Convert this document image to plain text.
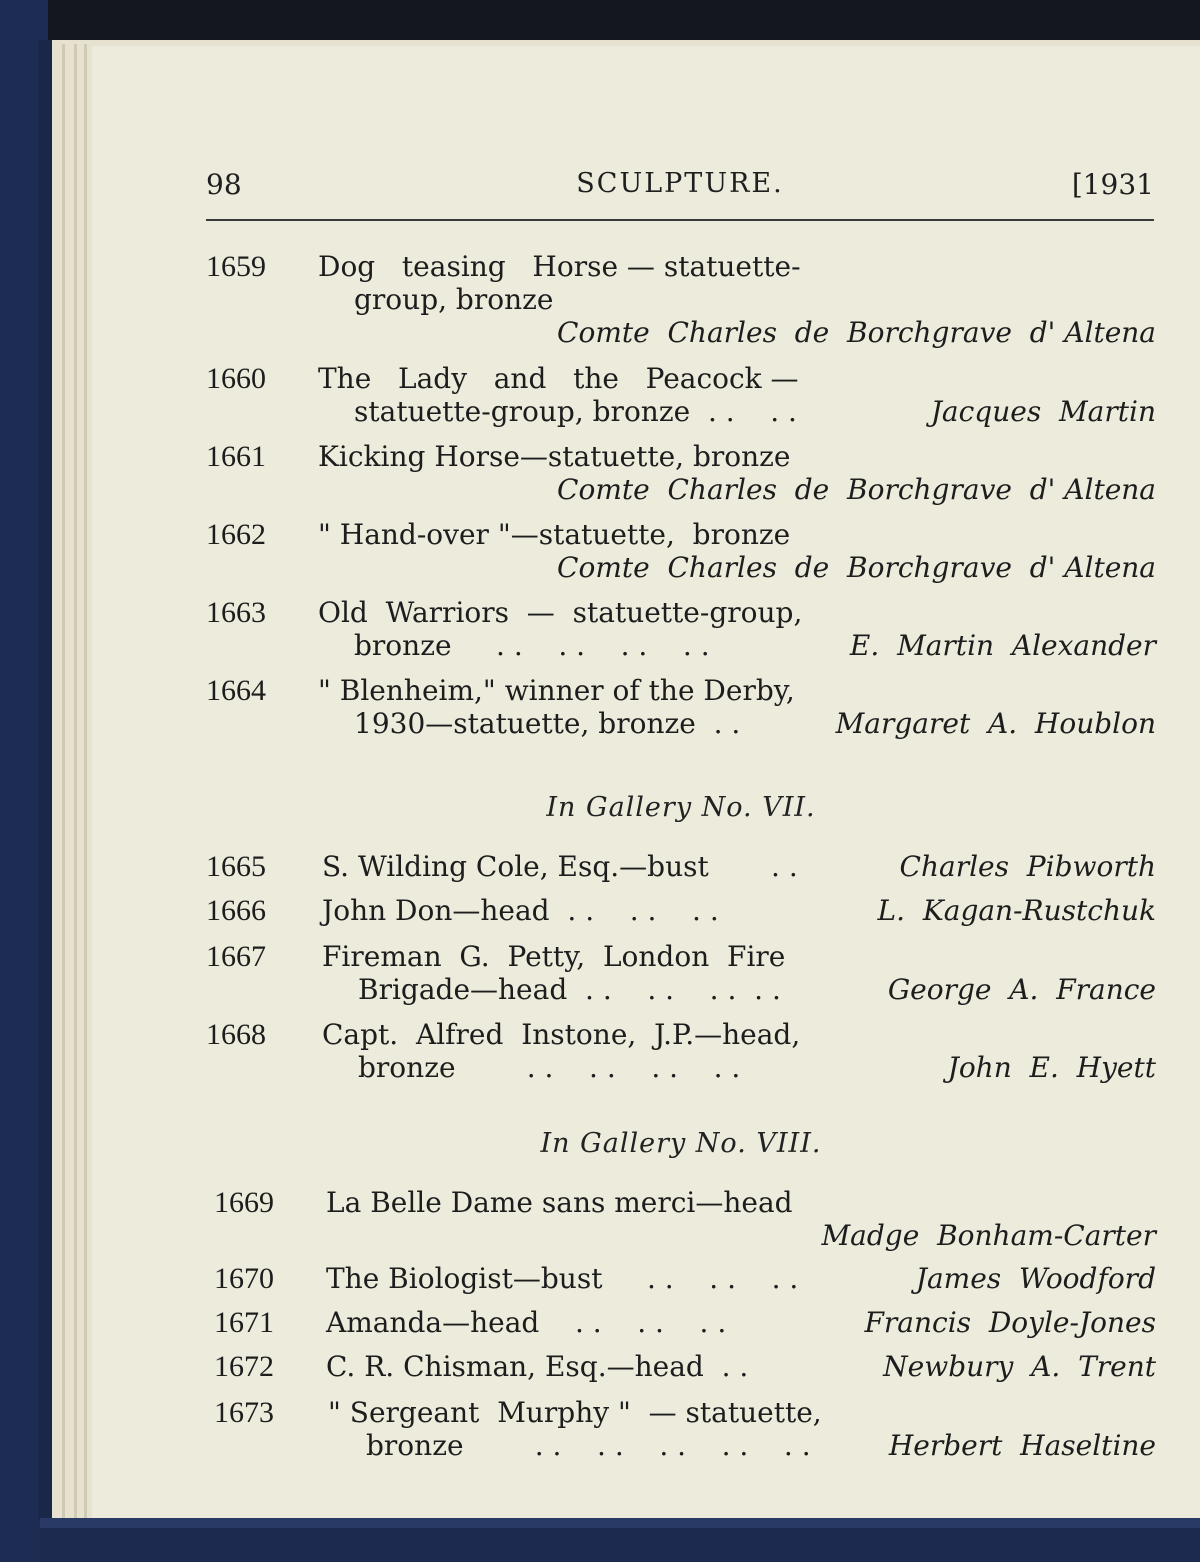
98	SCULPTURE.	[1931
1659 Dog   teasing   Horse — statuette-
group, bronze
Comte  Charles  de  Borchgrave  d' Altena
1660 The   Lady   and   the   Peacock —
statuette-group, bronze  . .    . .	Jacques  Martin
1661 Kicking Horse—statuette, bronze
Comte  Charles  de  Borchgrave  d' Altena
1662 " Hand-over "—statuette,  bronze
Comte  Charles  de  Borchgrave  d' Altena
1663 Old  Warriors  —  statuette-group,
bronze     . .    . .    . .    . .	E.  Martin  Alexander
1664 " Blenheim," winner of the Derby,
1930—statuette, bronze  . .	Margaret  A.  Houblon
In Gallery No. VII.
1665 S. Wilding Cole, Esq.—bust       . .	Charles  Pibworth
1666 John Don—head  . .    . .    . .	L.  Kagan-Rustchuk
1667 Fireman  G.  Petty,  London  Fire
Brigade—head  . .    . .    . .  . .	George  A.  France
1668 Capt.  Alfred  Instone,  J.P.—head,
bronze        . .    . .    . .    . .	John  E.  Hyett
In Gallery No. VIII.
1669 La Belle Dame sans merci—head
Madge  Bonham-Carter
1670 The Biologist—bust     . .    . .    . .	James  Woodford
1671 Amanda—head    . .    . .    . .	Francis  Doyle-Jones
1672 C. R. Chisman, Esq.—head  . .	Newbury  A.  Trent
1673 " Sergeant  Murphy "  — statuette,
bronze        . .    . .    . .    . .    . .	Herbert  Haseltine
